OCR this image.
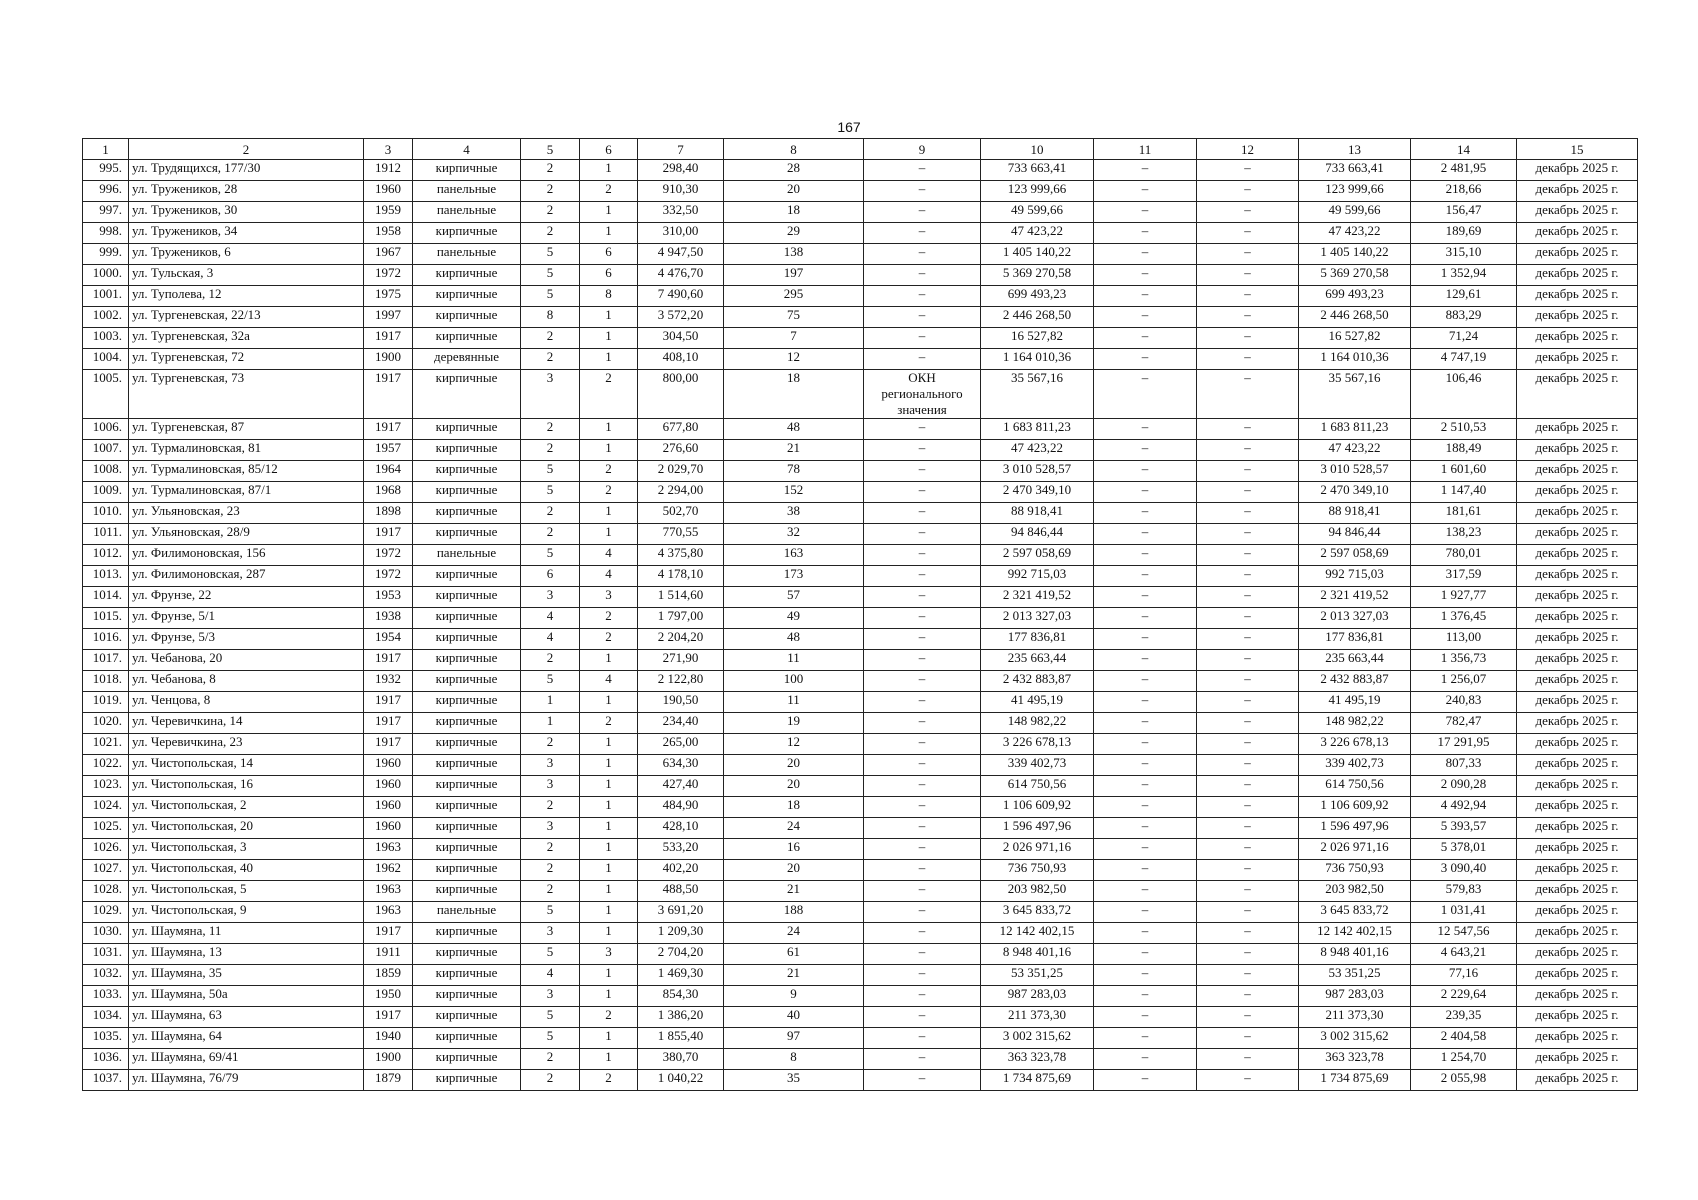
167
1	2	3	4	5	6	7	8	9	10	11	12	13	14	15
995.	ул. Трудящихся, 177/30	1912	кирпичные	2	1	298,40	28	–	733 663,41	–	–	733 663,41	2 481,95	декабрь 2025 г.
996.	ул. Тружеников, 28	1960	панельные	2	2	910,30	20	–	123 999,66	–	–	123 999,66	218,66	декабрь 2025 г.
997.	ул. Тружеников, 30	1959	панельные	2	1	332,50	18	–	49 599,66	–	–	49 599,66	156,47	декабрь 2025 г.
998.	ул. Тружеников, 34	1958	кирпичные	2	1	310,00	29	–	47 423,22	–	–	47 423,22	189,69	декабрь 2025 г.
999.	ул. Тружеников, 6	1967	панельные	5	6	4 947,50	138	–	1 405 140,22	–	–	1 405 140,22	315,10	декабрь 2025 г.
1000.	ул. Тульская, 3	1972	кирпичные	5	6	4 476,70	197	–	5 369 270,58	–	–	5 369 270,58	1 352,94	декабрь 2025 г.
1001.	ул. Туполева, 12	1975	кирпичные	5	8	7 490,60	295	–	699 493,23	–	–	699 493,23	129,61	декабрь 2025 г.
1002.	ул. Тургеневская, 22/13	1997	кирпичные	8	1	3 572,20	75	–	2 446 268,50	–	–	2 446 268,50	883,29	декабрь 2025 г.
1003.	ул. Тургеневская, 32а	1917	кирпичные	2	1	304,50	7	–	16 527,82	–	–	16 527,82	71,24	декабрь 2025 г.
1004.	ул. Тургеневская, 72	1900	деревянные	2	1	408,10	12	–	1 164 010,36	–	–	1 164 010,36	4 747,19	декабрь 2025 г.
1005.	ул. Тургеневская, 73	1917	кирпичные	3	2	800,00	18	ОКН регионального значения	35 567,16	–	–	35 567,16	106,46	декабрь 2025 г.
1006.	ул. Тургеневская, 87	1917	кирпичные	2	1	677,80	48	–	1 683 811,23	–	–	1 683 811,23	2 510,53	декабрь 2025 г.
1007.	ул. Турмалиновская, 81	1957	кирпичные	2	1	276,60	21	–	47 423,22	–	–	47 423,22	188,49	декабрь 2025 г.
1008.	ул. Турмалиновская, 85/12	1964	кирпичные	5	2	2 029,70	78	–	3 010 528,57	–	–	3 010 528,57	1 601,60	декабрь 2025 г.
1009.	ул. Турмалиновская, 87/1	1968	кирпичные	5	2	2 294,00	152	–	2 470 349,10	–	–	2 470 349,10	1 147,40	декабрь 2025 г.
1010.	ул. Ульяновская, 23	1898	кирпичные	2	1	502,70	38	–	88 918,41	–	–	88 918,41	181,61	декабрь 2025 г.
1011.	ул. Ульяновская, 28/9	1917	кирпичные	2	1	770,55	32	–	94 846,44	–	–	94 846,44	138,23	декабрь 2025 г.
1012.	ул. Филимоновская, 156	1972	панельные	5	4	4 375,80	163	–	2 597 058,69	–	–	2 597 058,69	780,01	декабрь 2025 г.
1013.	ул. Филимоновская, 287	1972	кирпичные	6	4	4 178,10	173	–	992 715,03	–	–	992 715,03	317,59	декабрь 2025 г.
1014.	ул. Фрунзе, 22	1953	кирпичные	3	3	1 514,60	57	–	2 321 419,52	–	–	2 321 419,52	1 927,77	декабрь 2025 г.
1015.	ул. Фрунзе, 5/1	1938	кирпичные	4	2	1 797,00	49	–	2 013 327,03	–	–	2 013 327,03	1 376,45	декабрь 2025 г.
1016.	ул. Фрунзе, 5/3	1954	кирпичные	4	2	2 204,20	48	–	177 836,81	–	–	177 836,81	113,00	декабрь 2025 г.
1017.	ул. Чебанова, 20	1917	кирпичные	2	1	271,90	11	–	235 663,44	–	–	235 663,44	1 356,73	декабрь 2025 г.
1018.	ул. Чебанова, 8	1932	кирпичные	5	4	2 122,80	100	–	2 432 883,87	–	–	2 432 883,87	1 256,07	декабрь 2025 г.
1019.	ул. Ченцова, 8	1917	кирпичные	1	1	190,50	11	–	41 495,19	–	–	41 495,19	240,83	декабрь 2025 г.
1020.	ул. Черевичкина, 14	1917	кирпичные	1	2	234,40	19	–	148 982,22	–	–	148 982,22	782,47	декабрь 2025 г.
1021.	ул. Черевичкина, 23	1917	кирпичные	2	1	265,00	12	–	3 226 678,13	–	–	3 226 678,13	17 291,95	декабрь 2025 г.
1022.	ул. Чистопольская, 14	1960	кирпичные	3	1	634,30	20	–	339 402,73	–	–	339 402,73	807,33	декабрь 2025 г.
1023.	ул. Чистопольская, 16	1960	кирпичные	3	1	427,40	20	–	614 750,56	–	–	614 750,56	2 090,28	декабрь 2025 г.
1024.	ул. Чистопольская, 2	1960	кирпичные	2	1	484,90	18	–	1 106 609,92	–	–	1 106 609,92	4 492,94	декабрь 2025 г.
1025.	ул. Чистопольская, 20	1960	кирпичные	3	1	428,10	24	–	1 596 497,96	–	–	1 596 497,96	5 393,57	декабрь 2025 г.
1026.	ул. Чистопольская, 3	1963	кирпичные	2	1	533,20	16	–	2 026 971,16	–	–	2 026 971,16	5 378,01	декабрь 2025 г.
1027.	ул. Чистопольская, 40	1962	кирпичные	2	1	402,20	20	–	736 750,93	–	–	736 750,93	3 090,40	декабрь 2025 г.
1028.	ул. Чистопольская, 5	1963	кирпичные	2	1	488,50	21	–	203 982,50	–	–	203 982,50	579,83	декабрь 2025 г.
1029.	ул. Чистопольская, 9	1963	панельные	5	1	3 691,20	188	–	3 645 833,72	–	–	3 645 833,72	1 031,41	декабрь 2025 г.
1030.	ул. Шаумяна, 11	1917	кирпичные	3	1	1 209,30	24	–	12 142 402,15	–	–	12 142 402,15	12 547,56	декабрь 2025 г.
1031.	ул. Шаумяна, 13	1911	кирпичные	5	3	2 704,20	61	–	8 948 401,16	–	–	8 948 401,16	4 643,21	декабрь 2025 г.
1032.	ул. Шаумяна, 35	1859	кирпичные	4	1	1 469,30	21	–	53 351,25	–	–	53 351,25	77,16	декабрь 2025 г.
1033.	ул. Шаумяна, 50а	1950	кирпичные	3	1	854,30	9	–	987 283,03	–	–	987 283,03	2 229,64	декабрь 2025 г.
1034.	ул. Шаумяна, 63	1917	кирпичные	5	2	1 386,20	40	–	211 373,30	–	–	211 373,30	239,35	декабрь 2025 г.
1035.	ул. Шаумяна, 64	1940	кирпичные	5	1	1 855,40	97	–	3 002 315,62	–	–	3 002 315,62	2 404,58	декабрь 2025 г.
1036.	ул. Шаумяна, 69/41	1900	кирпичные	2	1	380,70	8	–	363 323,78	–	–	363 323,78	1 254,70	декабрь 2025 г.
1037.	ул. Шаумяна, 76/79	1879	кирпичные	2	2	1 040,22	35	–	1 734 875,69	–	–	1 734 875,69	2 055,98	декабрь 2025 г.
